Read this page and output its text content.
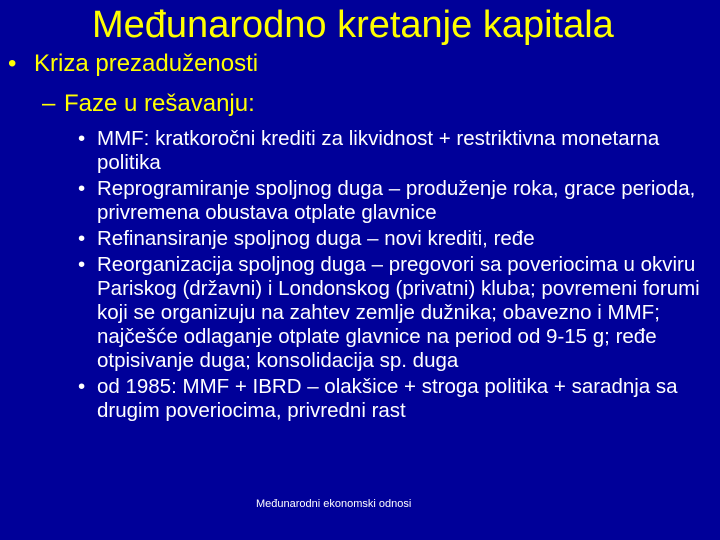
Međunarodno kretanje kapitala
• Kriza prezaduženosti
– Faze u rešavanju:
• MMF: kratkoročni krediti za likvidnost + restriktivna monetarna politika
• Reprogramiranje spoljnog duga – produženje roka, grace perioda, privremena obustava otplate glavnice
• Refinansiranje spoljnog duga – novi krediti, ređe
• Reorganizacija spoljnog duga – pregovori sa poveriocima u okviru Pariskog (državni) i Londonskog (privatni) kluba; povremeni forumi koji se organizuju na zahtev zemlje dužnika; obavezno i MMF; najčešće odlaganje otplate glavnice na period od 9-15 g; ređe otpisivanje duga; konsolidacija sp. duga
• od 1985: MMF + IBRD – olakšice + stroga politika + saradnja sa drugim poveriocima, privredni rast
Međunarodni ekonomski odnosi
